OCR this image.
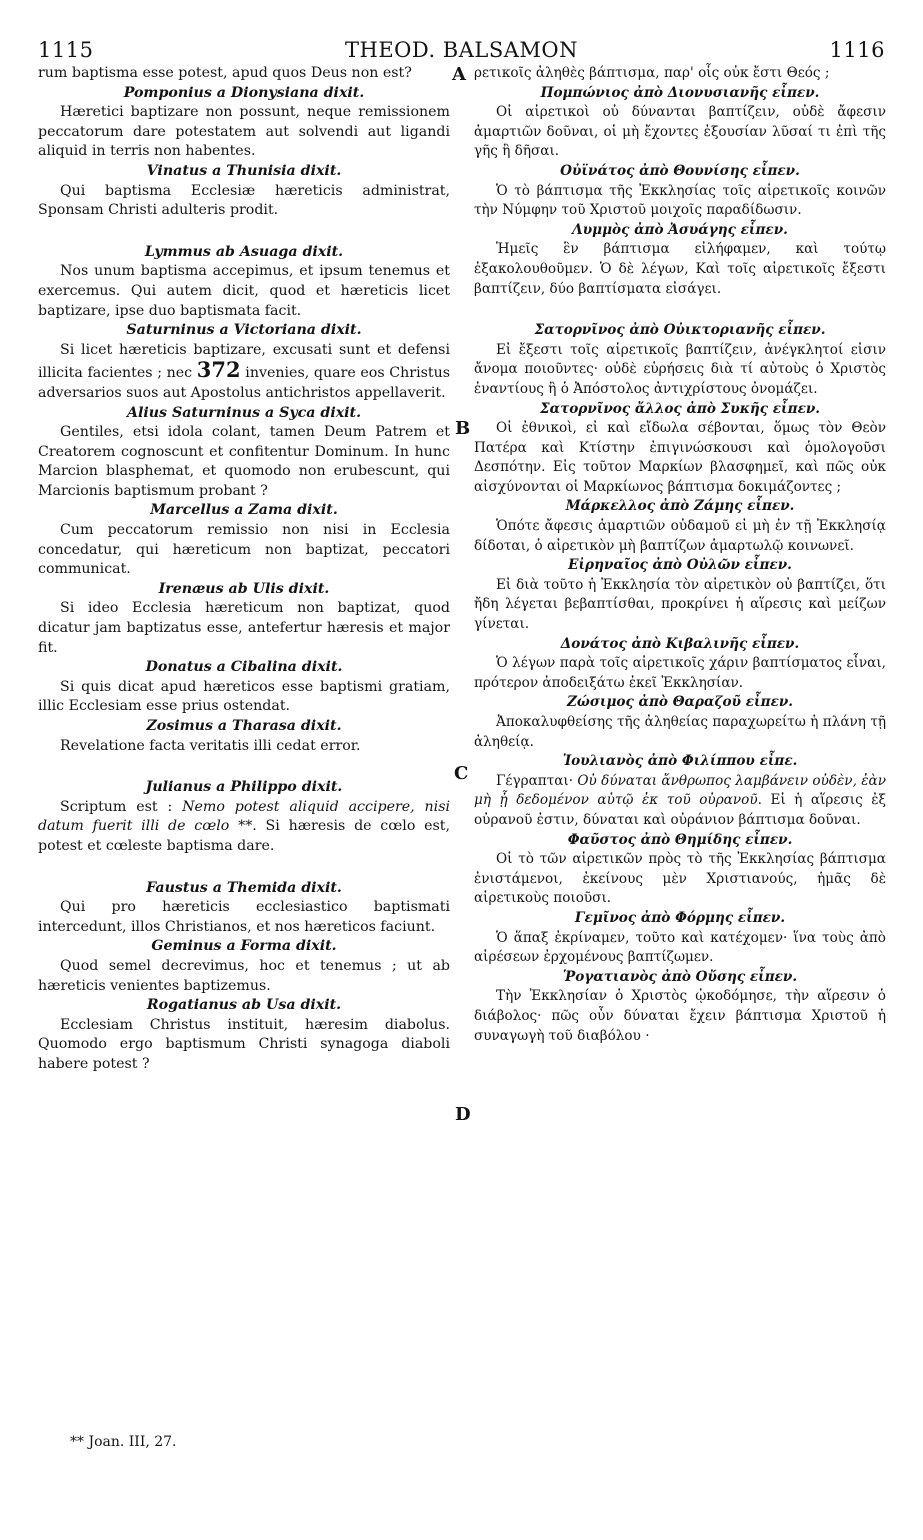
1115	THEOD. BALSAMON	1116

rum baptisma esse potest, apud quos Deus non est?

Pomponius a Dionysiana dixit.

Hæretici baptizare non possunt, neque remissionem peccatorum dare potestatem aut solvendi aut ligandi aliquid in terris non habentes.

Vinatus a Thunisia dixit.

Qui baptisma Ecclesiæ hæreticis administrat, Sponsam Christi adulteris prodit.

Lymmus ab Asuaga dixit.

Nos unum baptisma accepimus, et ipsum tenemus et exercemus. Qui autem dicit, quod et hæreticis licet baptizare, ipse duo baptismata facit.

Saturninus a Victoriana dixit.

Si licet hæreticis baptizare, excusati sunt et defensi illicita facientes ; nec 372 invenies, quare eos Christus adversarios suos aut Apostolus antichristos appellaverit.

Alius Saturninus a Syca dixit.

Gentiles, etsi idola colant, tamen Deum Patrem et Creatorem cognoscunt et confitentur Dominum. In hunc Marcion blasphemat, et quomodo non erubescunt, qui Marcionis baptismum probant ?

Marcellus a Zama dixit.

Cum peccatorum remissio non nisi in Ecclesia concedatur, qui hæreticum non baptizat, peccatori communicat.

Irenæus ab Ulis dixit.

Si ideo Ecclesia hæreticum non baptizat, quod dicatur jam baptizatus esse, antefertur hæresis et major fit.

Donatus a Cibalina dixit.

Si quis dicat apud hæreticos esse baptismi gratiam, illic Ecclesiam esse prius ostendat.

Zosimus a Tharasa dixit.

Revelatione facta veritatis illi cedat error.

Julianus a Philippo dixit.

Scriptum est : Nemo potest aliquid accipere, nisi datum fuerit illi de cœlo **. Si hæresis de cœlo est, potest et cœleste baptisma dare.

Faustus a Themida dixit.

Qui pro hæreticis ecclesiastico baptismati intercedunt, illos Christianos, et nos hæreticos faciunt.

Geminus a Forma dixit.

Quod semel decrevimus, hoc et tenemus ; ut ab hæreticis venientes baptizemus.

Rogatianus ab Usa dixit.

Ecclesiam Christus instituit, hæresim diabolus. Quomodo ergo baptismum Christi synagoga diaboli habere potest ?

ρετικοῖς ἀληθὲς βάπτισμα, παρ' οἷς οὐκ ἔστι Θεός ;

Πομπώνιος ἀπὸ Διονυσιανῆς εἶπεν.

Οἱ αἱρετικοὶ οὐ δύνανται βαπτίζειν, οὐδὲ ἄφεσιν ἁμαρτιῶν δοῦναι, οἱ μὴ ἔχοντες ἐξουσίαν λῦσαί τι ἐπὶ τῆς γῆς ἢ δῆσαι.

Οὐϊνάτος ἀπὸ Θουνίσης εἶπεν.

Ὁ τὸ βάπτισμα τῆς Ἐκκλησίας τοῖς αἱρετικοῖς κοινῶν τὴν Νύμφην τοῦ Χριστοῦ μοιχοῖς παραδίδωσιν.

Λυμμὸς ἀπὸ Ἀσυάγης εἶπεν.

Ἡμεῖς ἓν βάπτισμα εἰλήφαμεν, καὶ τούτῳ ἐξακολουθοῦμεν. Ὁ δὲ λέγων, Καὶ τοῖς αἱρετικοῖς ἔξεστι βαπτίζειν, δύο βαπτίσματα εἰσάγει.

Σατορνῖνος ἀπὸ Οὐικτοριανῆς εἶπεν.

Εἰ ἔξεστι τοῖς αἱρετικοῖς βαπτίζειν, ἀνέγκλητοί εἰσιν ἄνομα ποιοῦντες· οὐδὲ εὑρήσεις διὰ τί αὐτοὺς ὁ Χριστὸς ἐναντίους ἢ ὁ Ἀπόστολος ἀντιχρίστους ὀνομάζει.

Σατορνῖνος ἄλλος ἀπὸ Συκῆς εἶπεν.

Οἱ ἐθνικοὶ, εἰ καὶ εἴδωλα σέβονται, ὅμως τὸν Θεὸν Πατέρα καὶ Κτίστην ἐπιγινώσκουσι καὶ ὁμολογοῦσι Δεσπότην. Εἰς τοῦτον Μαρκίων βλασφημεῖ, καὶ πῶς οὐκ αἰσχύνονται οἱ Μαρκίωνος βάπτισμα δοκιμάζοντες ;

Μάρκελλος ἀπὸ Ζάμης εἶπεν.

Ὁπότε ἄφεσις ἁμαρτιῶν οὐδαμοῦ εἰ μὴ ἐν τῇ Ἐκκλησίᾳ δίδοται, ὁ αἱρετικὸν μὴ βαπτίζων ἁμαρτωλῷ κοινωνεῖ.

Εἰρηναῖος ἀπὸ Οὐλῶν εἶπεν.

Εἰ διὰ τοῦτο ἡ Ἐκκλησία τὸν αἱρετικὸν οὐ βαπτίζει, ὅτι ἤδη λέγεται βεβαπτίσθαι, προκρίνει ἡ αἵρεσις καὶ μείζων γίνεται.

Δονάτος ἀπὸ Κιβαλινῆς εἶπεν.

Ὁ λέγων παρὰ τοῖς αἱρετικοῖς χάριν βαπτίσματος εἶναι, πρότερον ἀποδειξάτω ἐκεῖ Ἐκκλησίαν.

Ζώσιμος ἀπὸ Θαραζοῦ εἶπεν.

Ἀποκαλυφθείσης τῆς ἀληθείας παραχωρείτω ἡ πλάνη τῇ ἀληθείᾳ.

Ἰουλιανὸς ἀπὸ Φιλίππου εἶπε.

Γέγραπται· Οὐ δύναται ἄνθρωπος λαμβάνειν οὐδὲν, ἐὰν μὴ ᾖ δεδομένον αὐτῷ ἐκ τοῦ οὐρανοῦ. Εἰ ἡ αἵρεσις ἐξ οὐρανοῦ ἐστιν, δύναται καὶ οὐράνιον βάπτισμα δοῦναι.

Φαῦστος ἀπὸ Θημίδης εἶπεν.

Οἱ τὸ τῶν αἱρετικῶν πρὸς τὸ τῆς Ἐκκλησίας βάπτισμα ἐνιστάμενοι, ἐκείνους μὲν Χριστιανούς, ἡμᾶς δὲ αἱρετικοὺς ποιοῦσι.

Γεμῖνος ἀπὸ Φόρμης εἶπεν.

Ὁ ἅπαξ ἐκρίναμεν, τοῦτο καὶ κατέχομεν· ἵνα τοὺς ἀπὸ αἱρέσεων ἐρχομένους βαπτίζωμεν.

Ῥογατιανὸς ἀπὸ Οὔσης εἶπεν.

Τὴν Ἐκκλησίαν ὁ Χριστὸς ᾠκοδόμησε, τὴν αἵρεσιν ὁ διάβολος· πῶς οὖν δύναται ἔχειν βάπτισμα Χριστοῦ ἡ συναγωγὴ τοῦ διαβόλου ·

A
B
C
D
** Joan. III, 27.
